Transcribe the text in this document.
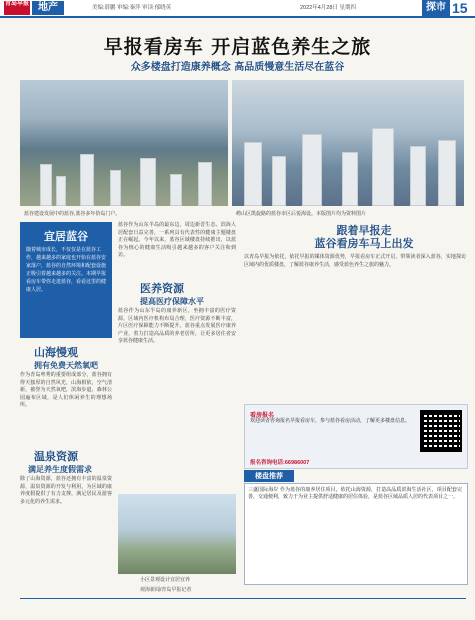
青岛早报 地产	美编:薛鹏 审编:秦萍 审读:郁晓英	2022年4月28日 星期四	探市 15
早报看房车 开启蓝色养生之旅
众多楼盘打造康养概念 高品质慢意生活尽在蓝谷
蓝谷建设发展中的蓝谷,蓝谷多年拾岛门户。	崂山区凯旋路的蓝谷市区后悦海设。本版图片均为资料图片
宜居蓝谷
随着城市成长，不仅仅是在蓝谷工作，越来越多的家庭也开始在蓝谷安家落户，蓝谷的自然环境和配套设施正吸引着越来越多的关注。本期早报看房车带你走进蓝谷，看看这里的健康人居。
山海慢观
拥有免费天然氧吧
作为青岛粤秀的重要组成部分，蓝谷拥有得天独厚的自然风光，山海相依，空气清新，被誉为天然氧吧，滨海步道、森林公园遍布区域，是人们休闲养生的理想场所。
温泉资源
满足养生度假需求
除了山海资源，蓝谷还拥有丰富的温泉资源，温泉资源的开发与利用，为区域的康养度假提供了有力支撑，满足居民及游客多元化的养生需求。
蓝谷作为山东半岛的最东边，周边新晋生态、滨海人居配套日益完善，一系列具有代表性的健康主题楼盘正在崛起。今年以来，蓝谷区域楼盘持续推出，以蓝谷为核心的健康生活吸引越来越多的客户关注和到访。
医养资源
提高医疗保障水平
蓝谷作为山东半岛的康养新区，坐拥丰富的医疗资源。区域内医疗机构布局合理，医疗资源不断丰富，片区医疗保障能力不断提升。蓝谷重点发展医疗康养产业，着力打造高品质的养老居所，让更多居住者安享蓝谷健康生活。
小区景观设计宜居宜养
跟着早报走
蓝谷看房车马上出发
以青岛早报为依托，依托早报的媒体资源优势，早报看房车正式开启，带领读者深入蓝谷，实地探访区域内的优质楼盘，了解蓝谷康养生活，感受蓝色养生之旅的魅力。
看房报名
欢迎读者咨询报名早报看房车，参与蓝谷看房活动，了解更多楼盘信息。
报名咨询电话:66986007
楼盘推荐
三盛国际海岸 作为蓝谷的康养居住项目，依托山海资源，打造高品质滨海生活社区，项目配套完善，交通便利，致力于为业主提供舒适健康的居住体验，是蓝谷区域品质人居的代表项目之一。
观海新闻/青岛早报记者
